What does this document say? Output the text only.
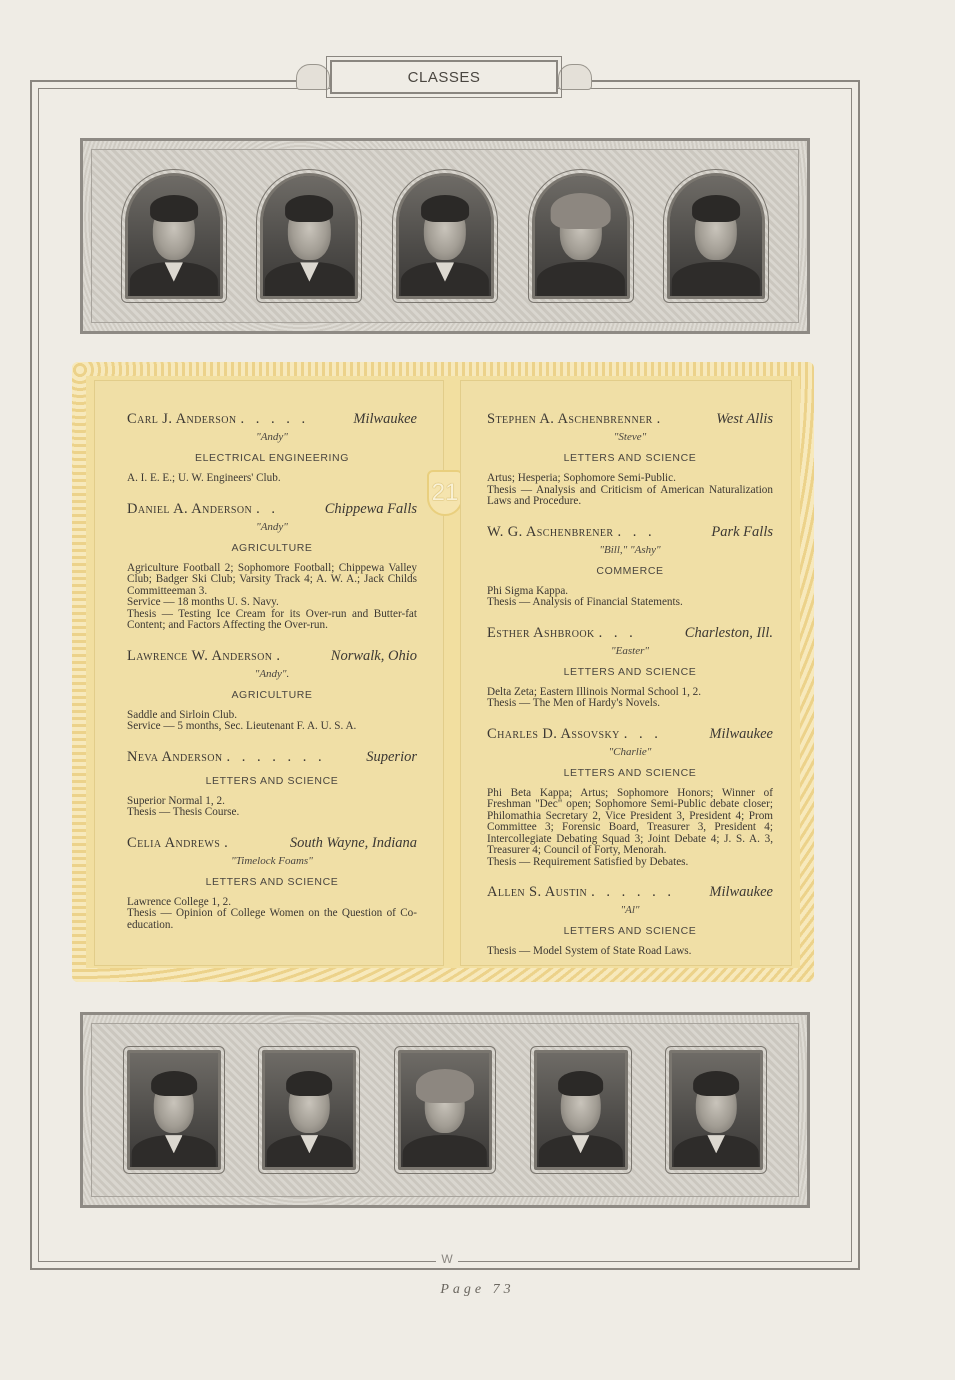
CLASSES
Carl J. Anderson . . . . .	Milwaukee
"Andy"
ELECTRICAL ENGINEERING

A. I. E. E.; U. W. Engineers' Club.

Daniel A. Anderson . .	Chippewa Falls
"Andy"
AGRICULTURE

Agriculture Football 2; Sophomore Football; Chippewa Valley Club; Badger Ski Club; Varsity Track 4; A. W. A.; Jack Childs Committeeman 3.

Service — 18 months U. S. Navy.

Thesis — Testing Ice Cream for its Over-run and Butter-fat Content; and Factors Affecting the Over-run.

Lawrence W. Anderson .	Norwalk, Ohio
"Andy".
AGRICULTURE

Saddle and Sirloin Club.

Service — 5 months, Sec. Lieutenant F. A. U. S. A.

Neva Anderson . . . . . . .	Superior
LETTERS AND SCIENCE

Superior Normal 1, 2.

Thesis — Thesis Course.

Celia Andrews .	South Wayne, Indiana
"Timelock Foams"
LETTERS AND SCIENCE

Lawrence College 1, 2.

Thesis — Opinion of College Women on the Question of Co-education.

21
Stephen A. Aschenbrenner .	West Allis
"Steve"
LETTERS AND SCIENCE

Artus; Hesperia; Sophomore Semi-Public.

Thesis — Analysis and Criticism of American Naturalization Laws and Procedure.

W. G. Aschenbrener . . .	Park Falls
"Bill," "Ashy"
COMMERCE

Phi Sigma Kappa.

Thesis — Analysis of Financial Statements.

Esther Ashbrook . . .	Charleston, Ill.
"Easter"
LETTERS AND SCIENCE

Delta Zeta; Eastern Illinois Normal School 1, 2.

Thesis — The Men of Hardy's Novels.

Charles D. Assovsky . . .	Milwaukee
"Charlie"
LETTERS AND SCIENCE

Phi Beta Kappa; Artus; Sophomore Honors; Winner of Freshman "Dec" open; Sophomore Semi-Public debate closer; Philomathia Secretary 2, Vice President 3, President 4; Prom Committee 3; Forensic Board, Treasurer 3, President 4; Intercollegiate Debating Squad 3; Joint Debate 4; J. S. A. 3, Treasurer 4; Council of Forty, Menorah.

Thesis — Requirement Satisfied by Debates.

Allen S. Austin . . . . . .	Milwaukee
"Al"
LETTERS AND SCIENCE

Thesis — Model System of State Road Laws.

W
Page 73
